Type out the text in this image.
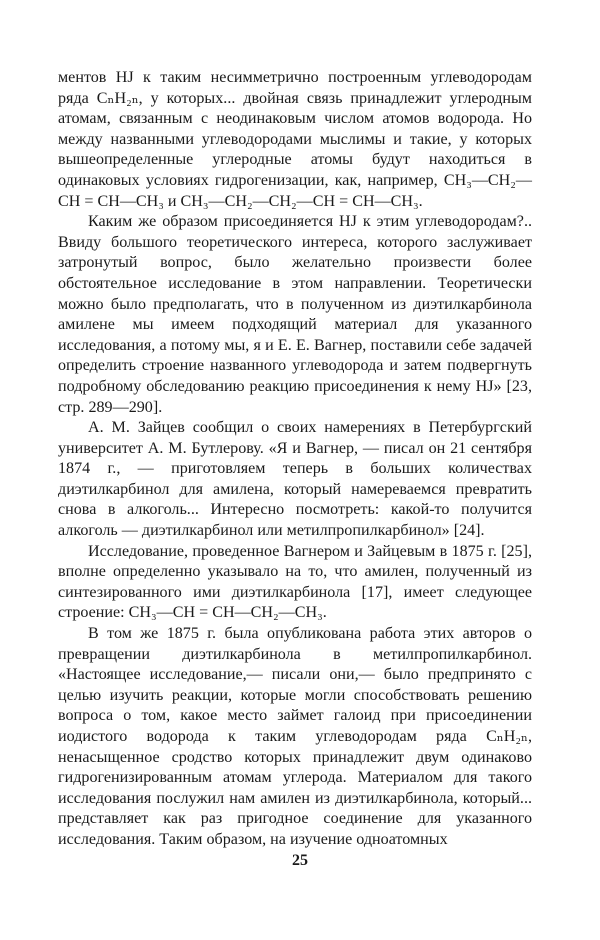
ментов HJ к таким несимметрично построенным углеводородам ряда CₙH₂ₙ, у которых... двойная связь принадлежит углеродным атомам, связанным с неодинаковым числом атомов водорода. Но между названными углеводородами мыслимы и такие, у которых вышеопределенные углеродные атомы будут находиться в одинаковых условиях гидрогенизации, как, например, CH₃—CH₂—CH = CH—CH₃ и CH₃—CH₂—CH₂—CH = CH—CH₃.

Каким же образом присоединяется HJ к этим углеводородам?.. Ввиду большого теоретического интереса, которого заслуживает затронутый вопрос, было желательно произвести более обстоятельное исследование в этом направлении. Теоретически можно было предполагать, что в полученном из диэтилкарбинола амилене мы имеем подходящий материал для указанного исследования, а потому мы, я и Е. Е. Вагнер, поставили себе задачей определить строение названного углеводорода и затем подвергнуть подробному обследованию реакцию присоединения к нему HJ» [23, стр. 289—290].

А. М. Зайцев сообщил о своих намерениях в Петербургский университет А. М. Бутлерову. «Я и Вагнер, — писал он 21 сентября 1874 г., — приготовляем теперь в больших количествах диэтилкарбинол для амилена, который намереваемся превратить снова в алкоголь... Интересно посмотреть: какой-то получится алкоголь — диэтилкарбинол или метилпропилкарбинол» [24].

Исследование, проведенное Вагнером и Зайцевым в 1875 г. [25], вполне определенно указывало на то, что амилен, полученный из синтезированного ими диэтилкарбинола [17], имеет следующее строение: CH₃—CH = CH—CH₂—CH₃.

В том же 1875 г. была опубликована работа этих авторов о превращении диэтилкарбинола в метилпропилкарбинол. «Настоящее исследование,— писали они,— было предпринято с целью изучить реакции, которые могли способствовать решению вопроса о том, какое место займет галоид при присоединении иодистого водорода к таким углеводородам ряда CₙH₂ₙ, ненасыщенное сродство которых принадлежит двум одинаково гидрогенизированным атомам углерода. Материалом для такого исследования послужил нам амилен из диэтилкарбинола, который... представляет как раз пригодное соединение для указанного исследования. Таким образом, на изучение одноатомных

25
